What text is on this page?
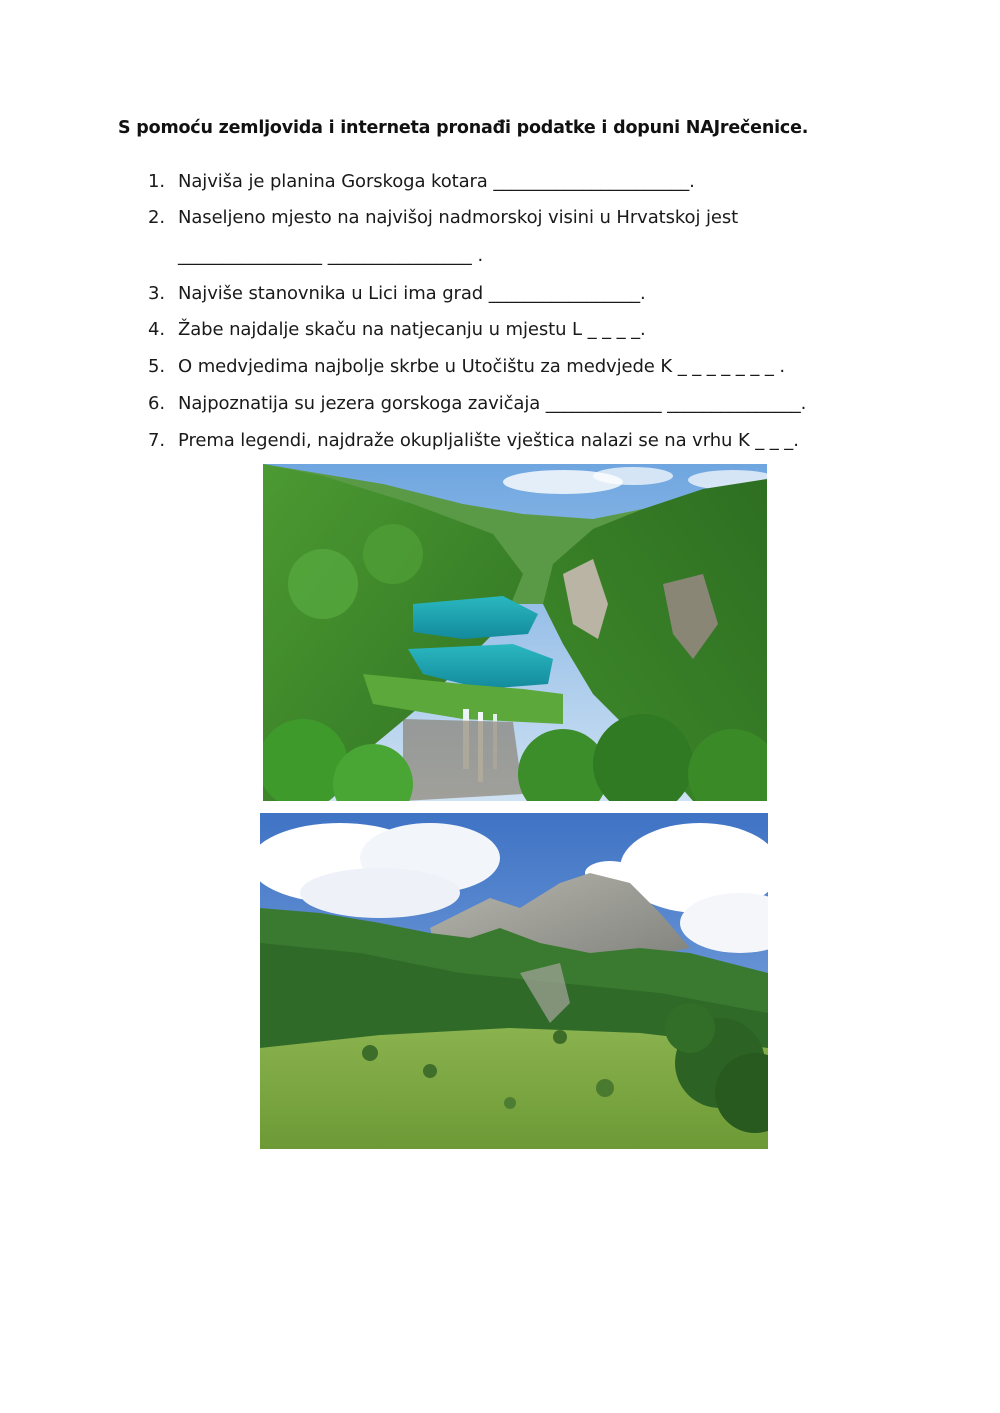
S pomoću zemljovida i interneta pronađi podatke i dopuni NAJrečenice.
1. Najviša je planina Gorskoga kotara ______________________.
2. Naseljeno mjesto na najvišoj nadmorskoj visini u Hrvatskoj jest
________________ ________________ .
3. Najviše stanovnika u Lici ima grad _________________.
4. Žabe najdalje skaču na natjecanju u mjestu L _ _ _ _.
5. O medvjedima najbolje skrbe u Utočištu za medvjede K _ _ _ _ _ _ _ .
6. Najpoznatija su jezera gorskoga zavičaja _____________ _______________.
7. Prema legendi, najdraže okupljalište vještica nalazi se na vrhu K _ _ _.
